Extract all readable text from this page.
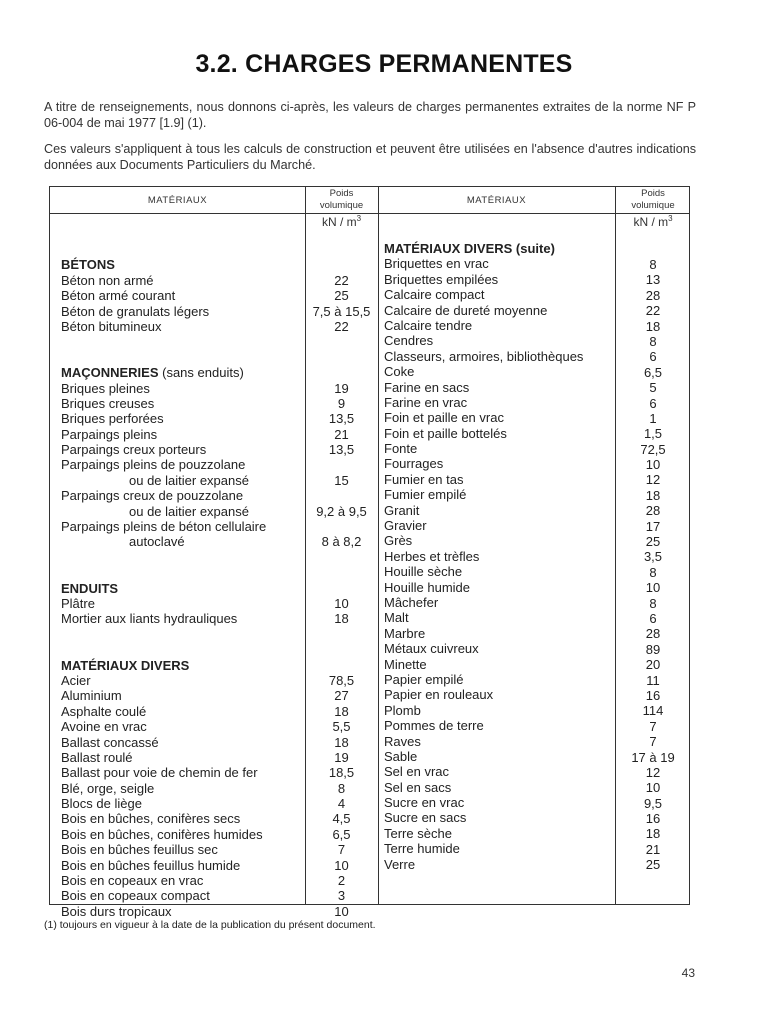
3.2. CHARGES PERMANENTES
A titre de renseignements, nous donnons ci-après, les valeurs de charges permanentes extraites de la norme NF P 06-004 de mai 1977 [1.9] (1).
Ces valeurs s'appliquent à tous les calculs de construction et peuvent être utilisées en l'absence d'autres indications données aux Documents Particuliers du Marché.
MATÉRIAUX
Poids
volumique	MATÉRIAUX
Poids
volumique
kN / $m^3$	kN / $m^3$
BÉTONS
Béton non armé
Béton armé courant
Béton de granulats légers
Béton bitumineux
MAÇONNERIES (sans enduits)
Briques pleines
Briques creuses
Briques perforées
Parpaings pleins
Parpaings creux porteurs
Parpaings pleins de pouzzolane
ou de laitier expansé
Parpaings creux de pouzzolane
ou de laitier expansé
Parpaings pleins de béton cellulaire
autoclavé
ENDUITS
Plâtre
Mortier aux liants hydrauliques
MATÉRIAUX DIVERS
Acier
Aluminium
Asphalte coulé
Avoine en vrac
Ballast concassé
Ballast roulé
Ballast pour voie de chemin de fer
Blé, orge, seigle
Blocs de liège
Bois en bûches, conifères secs
Bois en bûches, conifères humides
Bois en bûches feuillus sec
Bois en bûches feuillus humide
Bois en copeaux en vrac
Bois en copeaux compact
Bois durs tropicaux
22
25
7,5 à 15,5
22
19
9
13,5
21
13,5
15
9,2 à 9,5
8 à 8,2
10
18
78,5
27
18
5,5
18
19
18,5
8
4
4,5
6,5
7
10
2
3
10
MATÉRIAUX DIVERS (suite)
Briquettes en vrac
Briquettes empilées
Calcaire compact
Calcaire de dureté moyenne
Calcaire tendre
Cendres
Classeurs, armoires, bibliothèques
Coke
Farine en sacs
Farine en vrac
Foin et paille en vrac
Foin et paille bottelés
Fonte
Fourrages
Fumier en tas
Fumier empilé
Granit
Gravier
Grès
Herbes et trèfles
Houille sèche
Houille humide
Mâchefer
Malt
Marbre
Métaux cuivreux
Minette
Papier empilé
Papier en rouleaux
Plomb
Pommes de terre
Raves
Sable
Sel en vrac
Sel en sacs
Sucre en vrac
Sucre en sacs
Terre sèche
Terre humide
Verre
8
13
28
22
18
8
6
6,5
5
6
1
1,5
72,5
10
12
18
28
17
25
3,5
8
10
8
6
28
89
20
11
16
114
7
7
17 à 19
12
10
9,5
16
18
21
25
(1) toujours en vigueur à la date de la publication du présent document.
43
